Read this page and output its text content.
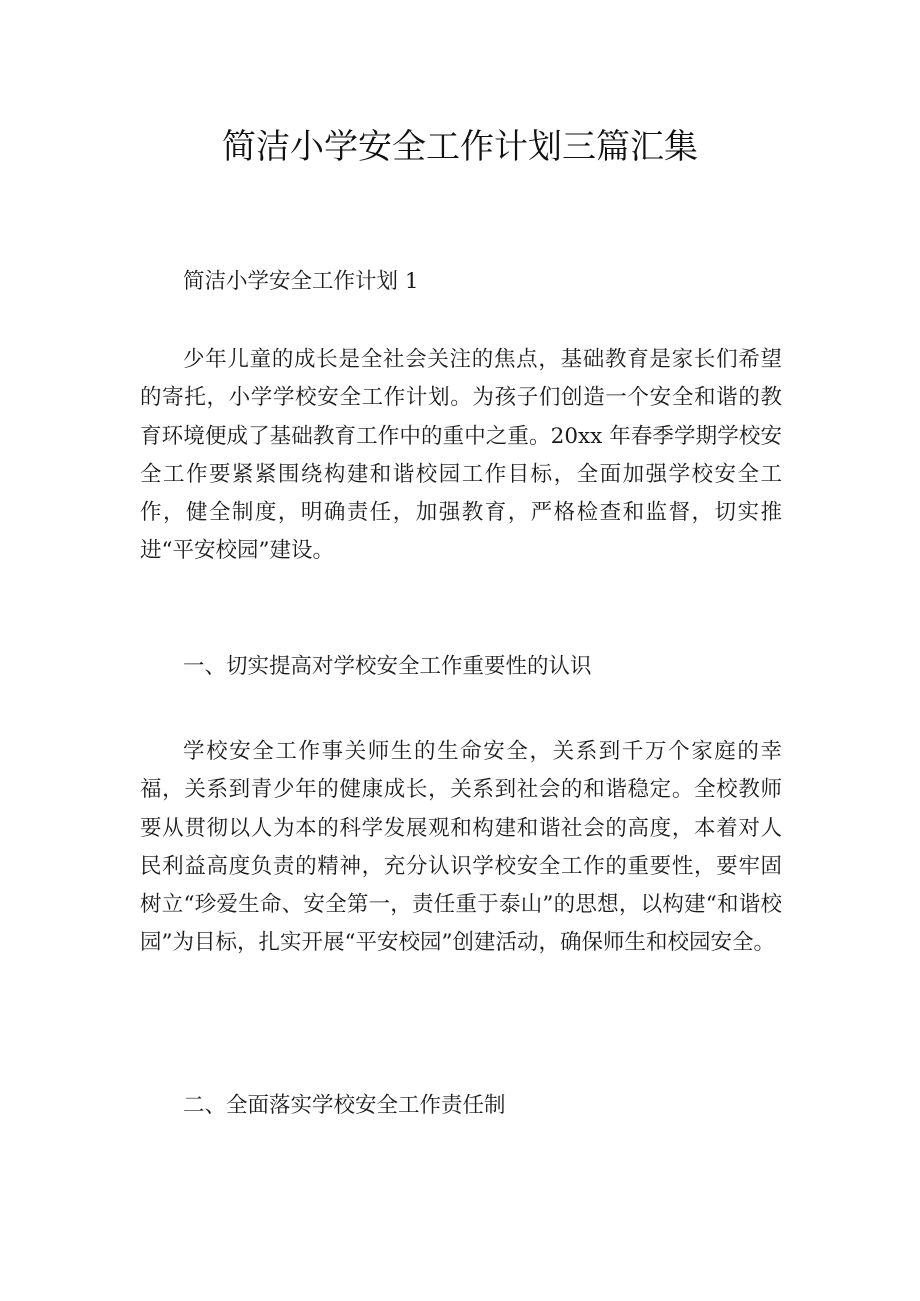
简洁小学安全工作计划三篇汇集

简洁小学安全工作计划 1

少年儿童的成长是全社会关注的焦点，基础教育是家长们希望的寄托，小学学校安全工作计划。为孩子们创造一个安全和谐的教育环境便成了基础教育工作中的重中之重。20xx 年春季学期学校安全工作要紧紧围绕构建和谐校园工作目标，全面加强学校安全工作，健全制度，明确责任，加强教育，严格检查和监督，切实推进“平安校园”建设。

一、切实提高对学校安全工作重要性的认识

学校安全工作事关师生的生命安全，关系到千万个家庭的幸福，关系到青少年的健康成长，关系到社会的和谐稳定。全校教师要从贯彻以人为本的科学发展观和构建和谐社会的高度，本着对人民利益高度负责的精神，充分认识学校安全工作的重要性，要牢固树立“珍爱生命、安全第一，责任重于泰山”的思想，以构建“和谐校园”为目标，扎实开展“平安校园”创建活动，确保师生和校园安全。

二、全面落实学校安全工作责任制
